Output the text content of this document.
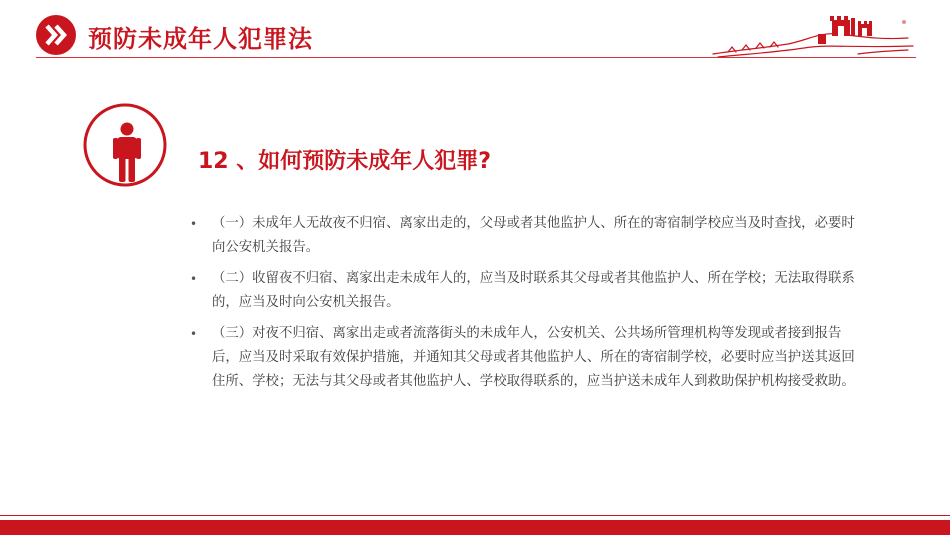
预防未成年人犯罪法
12 、如何预防未成年人犯罪?
• （一）未成年人无故夜不归宿、离家出走的，父母或者其他监护人、所在的寄宿制学校应当及时查找，必要时向公安机关报告。
• （二）收留夜不归宿、离家出走未成年人的，应当及时联系其父母或者其他监护人、所在学校；无法取得联系的，应当及时向公安机关报告。
• （三）对夜不归宿、离家出走或者流落街头的未成年人，公安机关、公共场所管理机构等发现或者接到报告后，应当及时采取有效保护措施，并通知其父母或者其他监护人、所在的寄宿制学校，必要时应当护送其返回住所、学校；无法与其父母或者其他监护人、学校取得联系的，应当护送未成年人到救助保护机构接受救助。
